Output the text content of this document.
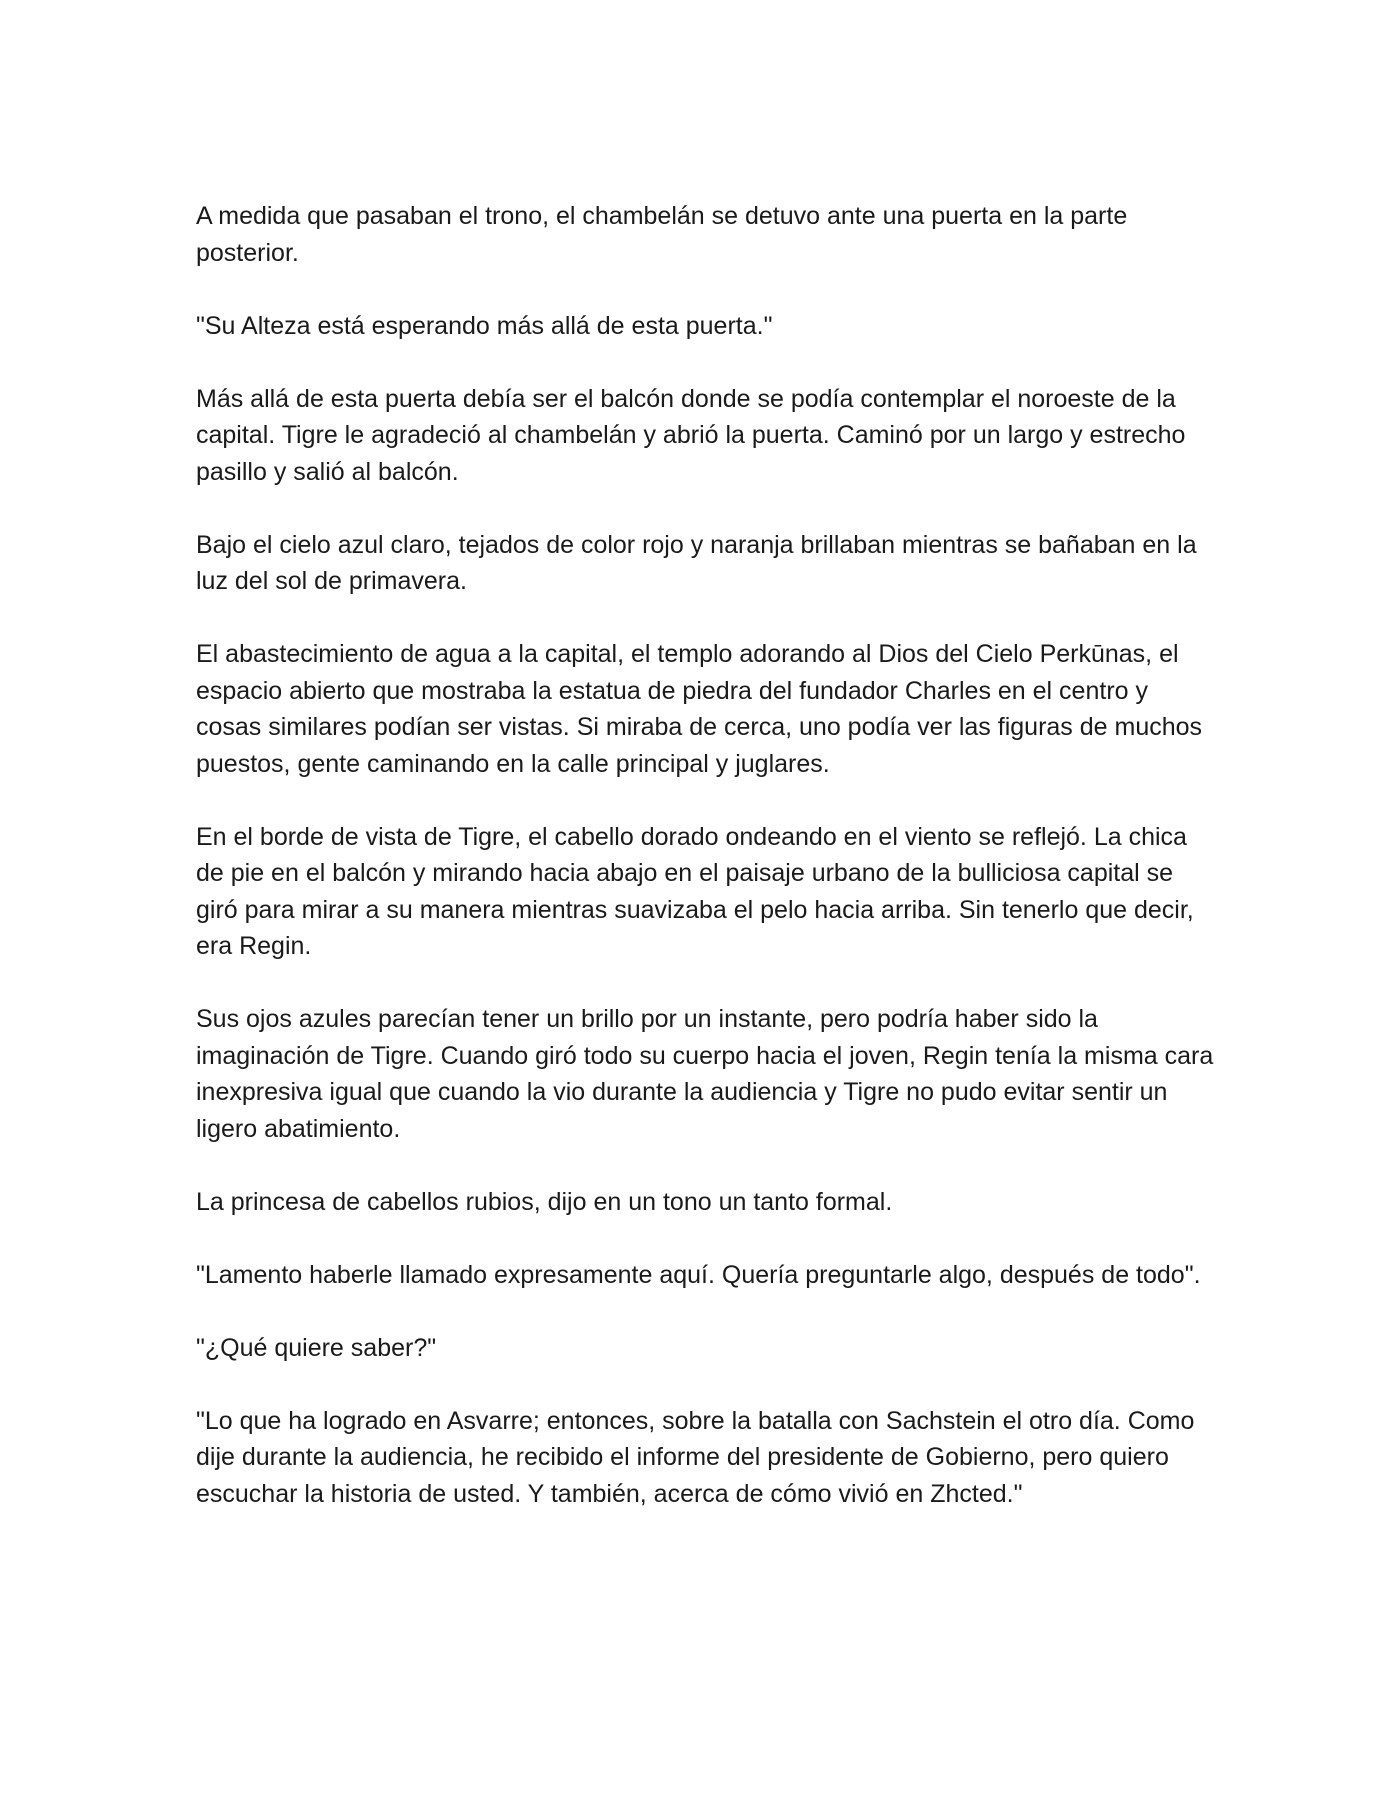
A medida que pasaban el trono, el chambelán se detuvo ante una puerta en la parte posterior.

"Su Alteza está esperando más allá de esta puerta."

Más allá de esta puerta debía ser el balcón donde se podía contemplar el noroeste de la capital. Tigre le agradeció al chambelán y abrió la puerta. Caminó por un largo y estrecho pasillo y salió al balcón.

Bajo el cielo azul claro, tejados de color rojo y naranja brillaban mientras se bañaban en la luz del sol de primavera.

El abastecimiento de agua a la capital, el templo adorando al Dios del Cielo Perkūnas, el espacio abierto que mostraba la estatua de piedra del fundador Charles en el centro y cosas similares podían ser vistas. Si miraba de cerca, uno podía ver las figuras de muchos puestos, gente caminando en la calle principal y juglares.

En el borde de vista de Tigre, el cabello dorado ondeando en el viento se reflejó. La chica de pie en el balcón y mirando hacia abajo en el paisaje urbano de la bulliciosa capital se giró para mirar a su manera mientras suavizaba el pelo hacia arriba. Sin tenerlo que decir, era Regin.

Sus ojos azules parecían tener un brillo por un instante, pero podría haber sido la imaginación de Tigre. Cuando giró todo su cuerpo hacia el joven, Regin tenía la misma cara inexpresiva igual que cuando la vio durante la audiencia y Tigre no pudo evitar sentir un ligero abatimiento.

La princesa de cabellos rubios, dijo en un tono un tanto formal.

"Lamento haberle llamado expresamente aquí. Quería preguntarle algo, después de todo".

"¿Qué quiere saber?"

"Lo que ha logrado en Asvarre; entonces, sobre la batalla con Sachstein el otro día. Como dije durante la audiencia, he recibido el informe del presidente de Gobierno, pero quiero escuchar la historia de usted. Y también, acerca de cómo vivió en Zhcted."
